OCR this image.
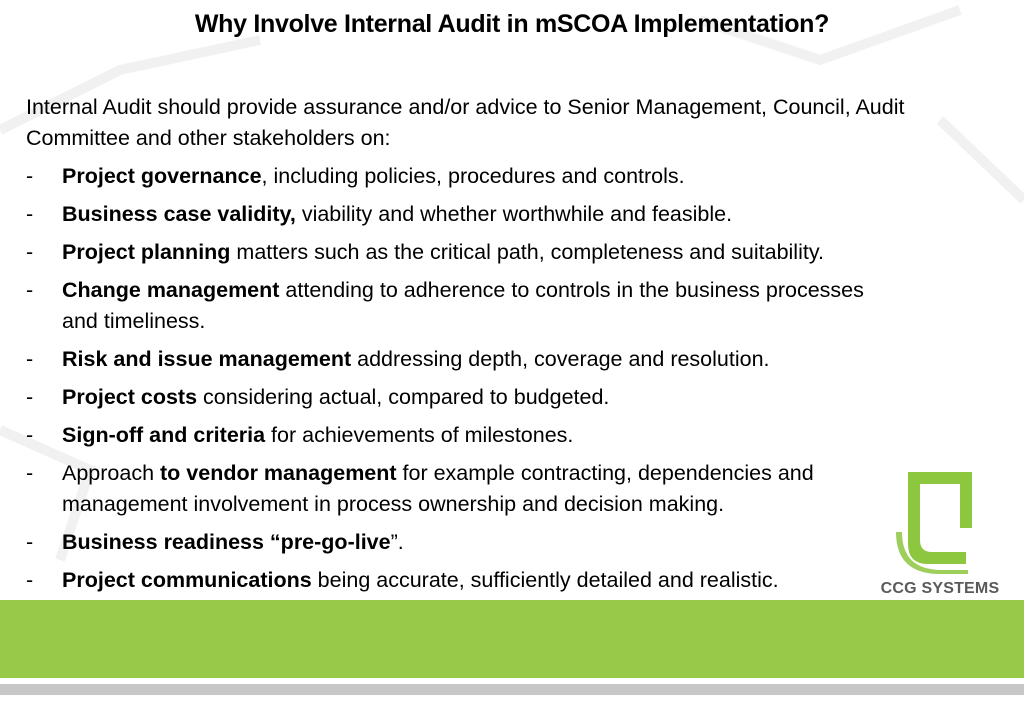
Why Involve Internal Audit in mSCOA Implementation?
Internal Audit should provide assurance and/or advice to Senior Management, Council, Audit Committee and other stakeholders on:
-	Project governance, including policies, procedures and controls.
-	Business case validity, viability and whether worthwhile and feasible.
-	Project planning matters such as the critical path, completeness and suitability.
-	Change management attending to adherence to controls in the business processes and timeliness.
-	Risk and issue management addressing depth, coverage and resolution.
-	Project costs considering actual, compared to budgeted.
-	Sign-off and criteria for achievements of milestones.
-	Approach to vendor management for example contracting, dependencies and management involvement in process ownership and decision making.
-	Business readiness “pre-go-live”.
-	Project communications being accurate, sufficiently detailed and realistic.	CCG SYSTEMS
